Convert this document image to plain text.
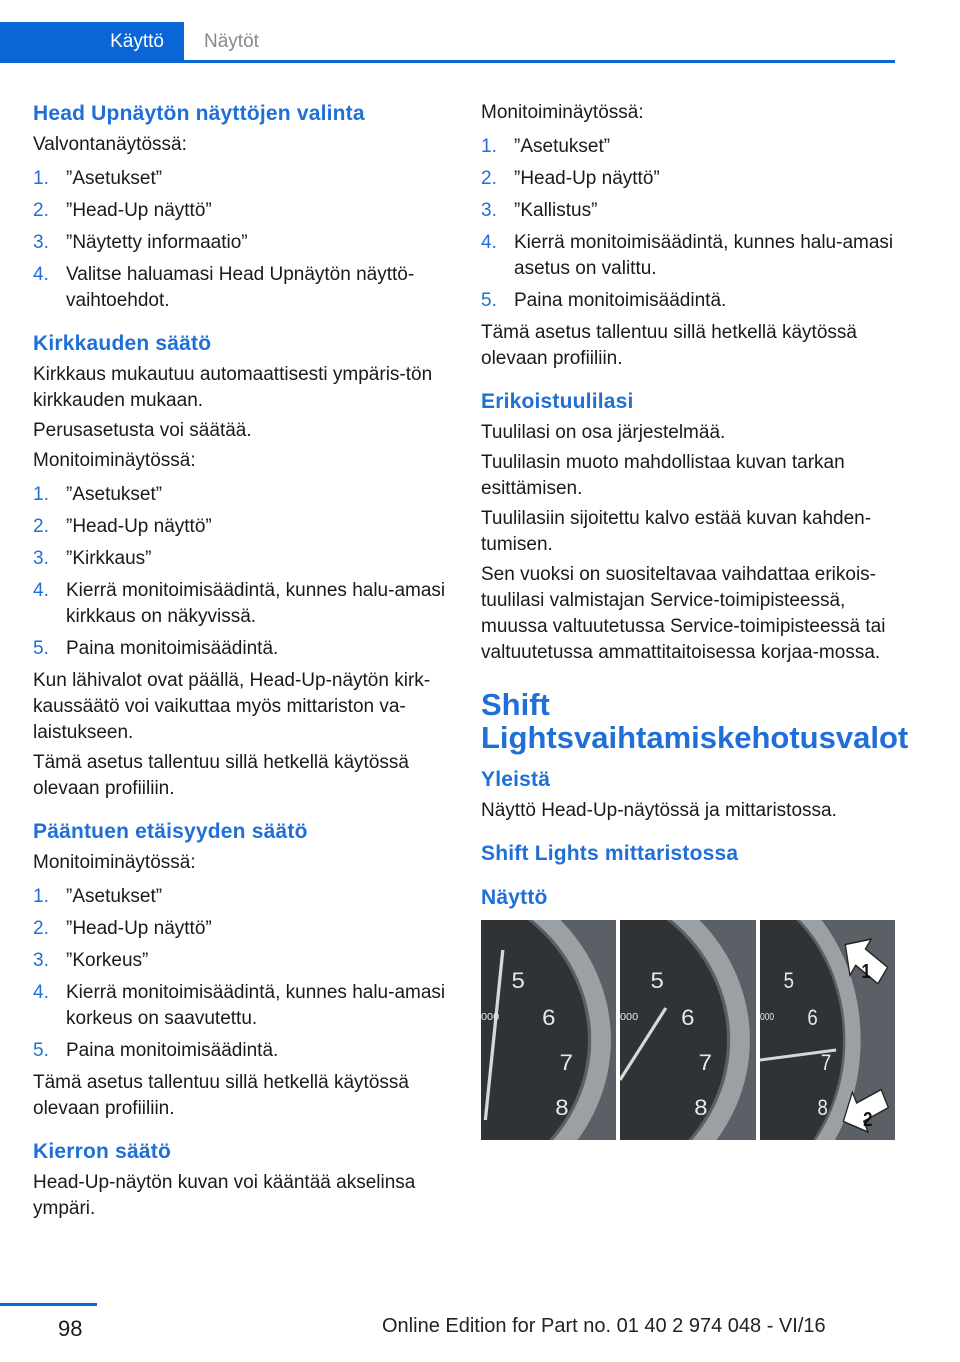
Käyttö	Näytöt
Head Upnäytön näyttöjen valinta

Valvontanäytössä:

1. ”Asetukset”
2. ”Head-Up näyttö”
3. ”Näytetty informaatio”
4. Valitse haluamasi Head Upnäytön näyttö-vaihtoehdot.
Kirkkauden säätö

Kirkkaus mukautuu automaattisesti ympäris-tön kirkkauden mukaan.

Perusasetusta voi säätää.

Monitoiminäytössä:

1. ”Asetukset”
2. ”Head-Up näyttö”
3. ”Kirkkaus”
4. Kierrä monitoimisäädintä, kunnes halu-amasi kirkkaus on näkyvissä.
5. Paina monitoimisäädintä.

Kun lähivalot ovat päällä, Head-Up-näytön kirk-kaussäätö voi vaikuttaa myös mittariston va-laistukseen.

Tämä asetus tallentuu sillä hetkellä käytössä olevaan profiiliin.

Pääntuen etäisyyden säätö

Monitoiminäytössä:

1. ”Asetukset”
2. ”Head-Up näyttö”
3. ”Korkeus”
4. Kierrä monitoimisäädintä, kunnes halu-amasi korkeus on saavutettu.
5. Paina monitoimisäädintä.

Tämä asetus tallentuu sillä hetkellä käytössä olevaan profiiliin.

Kierron säätö

Head-Up-näytön kuvan voi kääntää akselinsa ympäri.

Monitoiminäytössä:

1. ”Asetukset”
2. ”Head-Up näyttö”
3. ”Kallistus”
4. Kierrä monitoimisäädintä, kunnes halu-amasi asetus on valittu.
5. Paina monitoimisäädintä.

Tämä asetus tallentuu sillä hetkellä käytössä olevaan profiiliin.

Erikoistuulilasi

Tuulilasi on osa järjestelmää.

Tuulilasin muoto mahdollistaa kuvan tarkan esittämisen.

Tuulilasiin sijoitettu kalvo estää kuvan kahden-tumisen.

Sen vuoksi on suositeltavaa vaihdattaa erikois-tuulilasi valmistajan Service-toimipisteessä, muussa valtuutetussa Service-toimipisteessä tai valtuutetussa ammattitaitoisessa korjaa-mossa.

Shift Lightsvaihtamiskehotusvalot
Yleistä

Näyttö Head-Up-näytössä ja mittaristossa.

Shift Lights mittaristossa
Näyttö
5
6
7
8
000
5
6
7
8
000
5
6
7
8
000
1
2
98	Online Edition for Part no. 01 40 2 974 048 - VI/16
